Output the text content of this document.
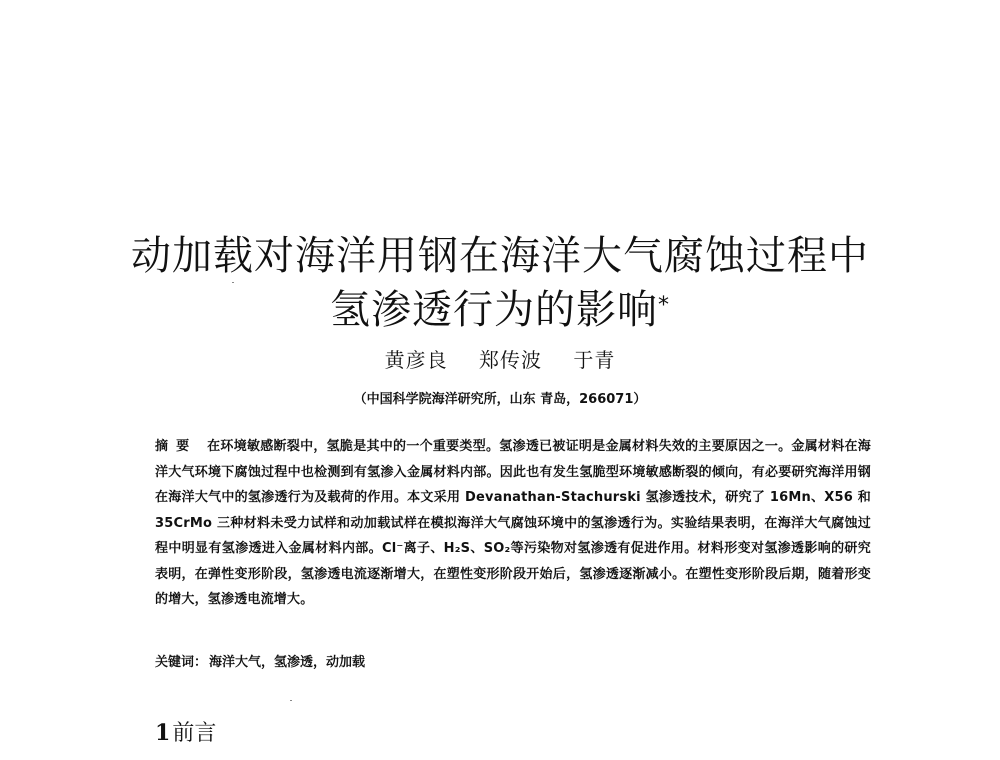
动加载对海洋用钢在海洋大气腐蚀过程中
氢渗透行为的影响*
黄彦良 郑传波 于青
（中国科学院海洋研究所，山东 青岛，266071）

摘要 在环境敏感断裂中，氢脆是其中的一个重要类型。氢渗透已被证明是金属材料失效的主要原因之一。金属材料在海洋大气环境下腐蚀过程中也检测到有氢渗入金属材料内部。因此也有发生氢脆型环境敏感断裂的倾向，有必要研究海洋用钢在海洋大气中的氢渗透行为及载荷的作用。本文采用 Devanathan-Stachurski 氢渗透技术，研究了 16Mn、X56 和 35CrMo 三种材料未受力试样和动加载试样在模拟海洋大气腐蚀环境中的氢渗透行为。实验结果表明，在海洋大气腐蚀过程中明显有氢渗透进入金属材料内部。Cl⁻离子、H₂S、SO₂等污染物对氢渗透有促进作用。材料形变对氢渗透影响的研究表明，在弹性变形阶段，氢渗透电流逐渐增大，在塑性变形阶段开始后，氢渗透逐渐减小。在塑性变形阶段后期，随着形变的增大，氢渗透电流增大。

关键词： 海洋大气，氢渗透，动加载
1前言
